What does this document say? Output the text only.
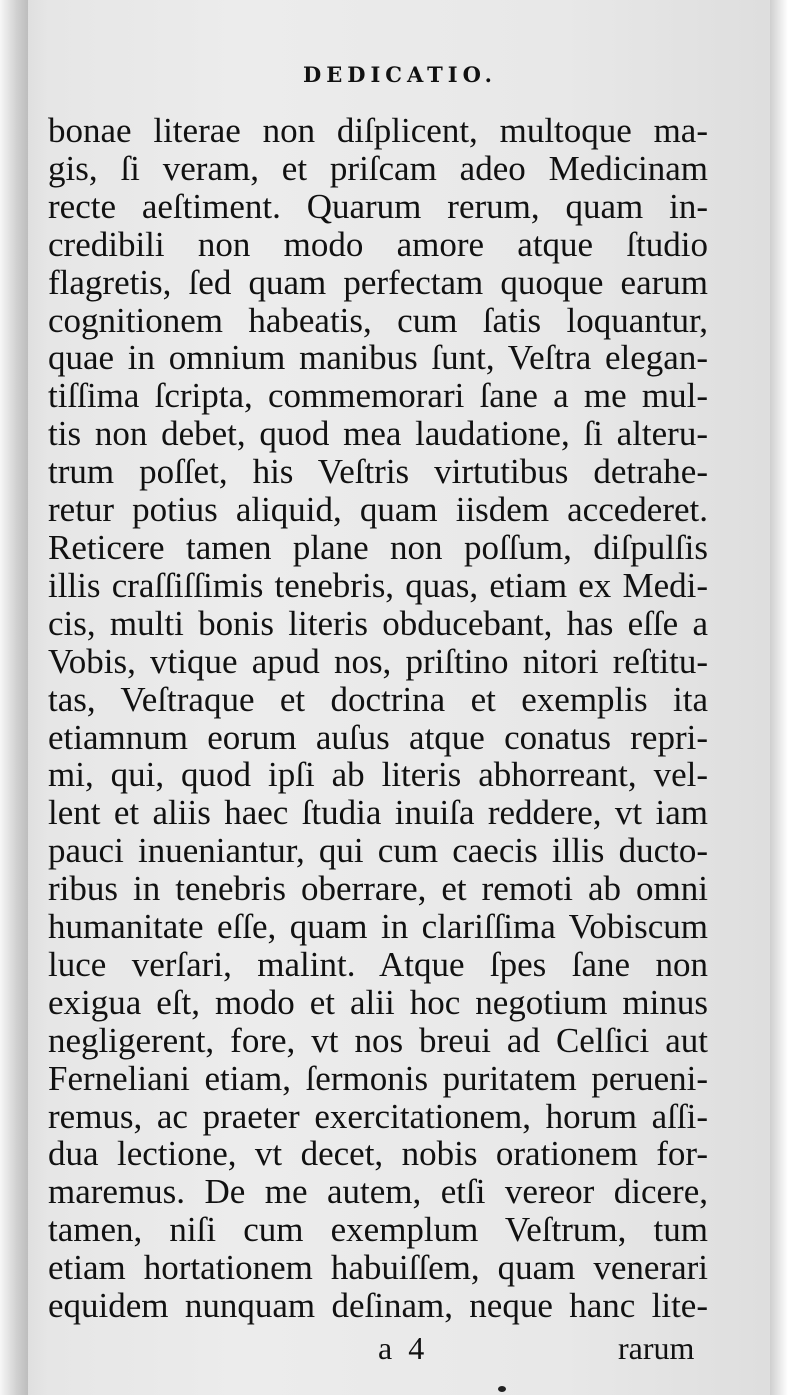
DEDICATIO.
bonae literae non diſplicent, multoque ma-
gis, ſi veram, et priſcam adeo Medicinam
recte aeſtiment. Quarum rerum, quam in-
credibili non modo amore atque ſtudio
flagretis, ſed quam perfectam quoque earum
cognitionem habeatis, cum ſatis loquantur,
quae in omnium manibus ſunt, Veſtra elegan-
tiſſima ſcripta, commemorari ſane a me mul-
tis non debet, quod mea laudatione, ſi alteru-
trum poſſet, his Veſtris virtutibus detrahe-
retur potius aliquid, quam iisdem accederet.
Reticere tamen plane non poſſum, diſpulſis
illis craſſiſſimis tenebris, quas, etiam ex Medi-
cis, multi bonis literis obducebant, has eſſe a
Vobis, vtique apud nos, priſtino nitori reſtitu-
tas, Veſtraque et doctrina et exemplis ita
etiamnum eorum auſus atque conatus repri-
mi, qui, quod ipſi ab literis abhorreant, vel-
lent et aliis haec ſtudia inuiſa reddere, vt iam
pauci inueniantur, qui cum caecis illis ducto-
ribus in tenebris oberrare, et remoti ab omni
humanitate eſſe, quam in clariſſima Vobiscum
luce verſari, malint. Atque ſpes ſane non
exigua eſt, modo et alii hoc negotium minus
negligerent, fore, vt nos breui ad Celſici aut
Ferneliani etiam, ſermonis puritatem perueni-
remus, ac praeter exercitationem, horum aſſi-
dua lectione, vt decet, nobis orationem for-
maremus. De me autem, etſi vereor dicere,
tamen, niſi cum exemplum Veſtrum, tum
etiam hortationem habuiſſem, quam venerari
equidem nunquam deſinam, neque hanc lite-
a 4	rarum
